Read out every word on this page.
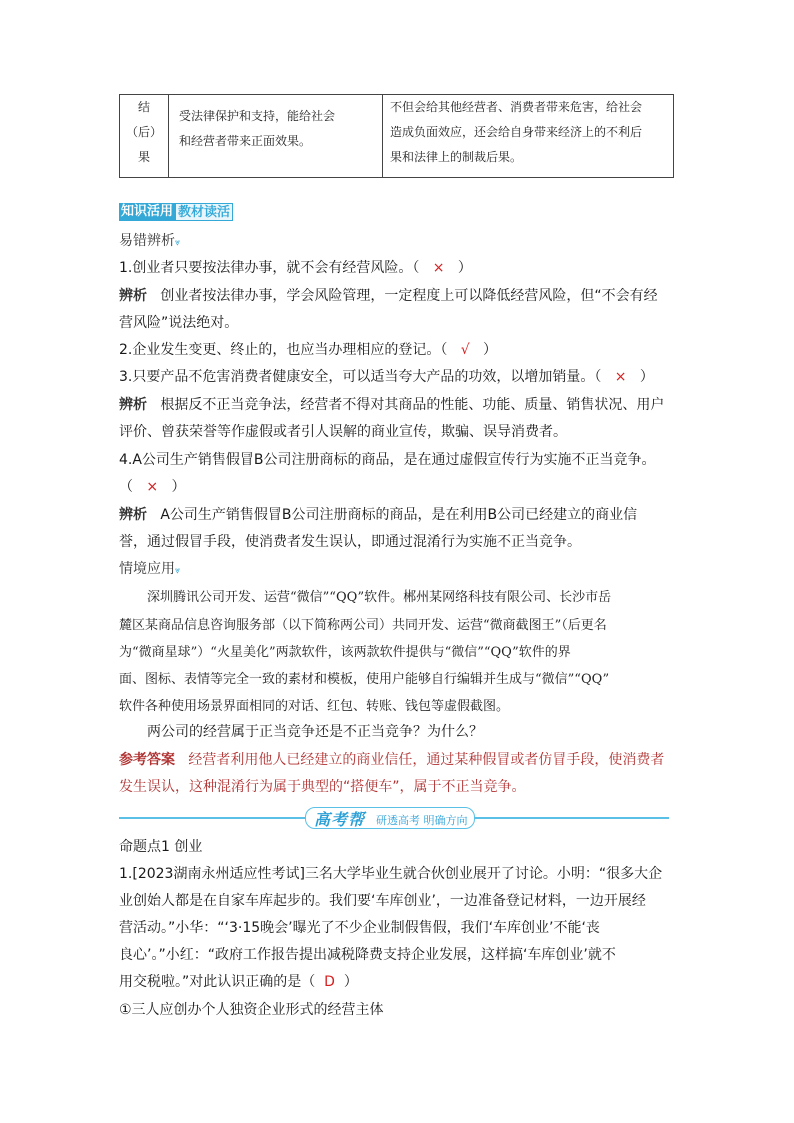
结
（后）
果

受法律保护和支持，能给社会
和经营者带来正面效果。

不但会给其他经营者、消费者带来危害，给社会
造成负面效应，还会给自身带来经济上的不利后
果和法律上的制裁后果。
知识活用 教材读活
易错辨析⩔
1.创业者只要按法律办事，就不会有经营风险。（ × ）
辨析 创业者按法律办事，学会风险管理，一定程度上可以降低经营风险，但“不会有经
营风险”说法绝对。
2.企业发生变更、终止的，也应当办理相应的登记。（ √ ）
3.只要产品不危害消费者健康安全，可以适当夸大产品的功效，以增加销量。（ × ）
辨析 根据反不正当竞争法，经营者不得对其商品的性能、功能、质量、销售状况、用户
评价、曾获荣誉等作虚假或者引人误解的商业宣传，欺骗、误导消费者。
4.A公司生产销售假冒B公司注册商标的商品，是在通过虚假宣传行为实施不正当竞争。
（ × ）
辨析 A公司生产销售假冒B公司注册商标的商品，是在利用B公司已经建立的商业信
誉，通过假冒手段，使消费者发生误认，即通过混淆行为实施不正当竞争。
情境应用⩔
深圳腾讯公司开发、运营“微信”“QQ”软件。郴州某网络科技有限公司、长沙市岳
麓区某商品信息咨询服务部（以下简称两公司）共同开发、运营“微商截图王”（后更名
为“微商星球”）“火星美化”两款软件，该两款软件提供与“微信”“QQ”软件的界
面、图标、表情等完全一致的素材和模板，使用户能够自行编辑并生成与“微信”“QQ”
软件各种使用场景界面相同的对话、红包、转账、钱包等虚假截图。
两公司的经营属于正当竞争还是不正当竞争？为什么？
参考答案 经营者利用他人已经建立的商业信任，通过某种假冒或者仿冒手段，使消费者
发生误认，这种混淆行为属于典型的“搭便车”，属于不正当竞争。
高考帮 研透高考 明确方向
命题点1 创业
1.[2023湖南永州适应性考试]三名大学毕业生就合伙创业展开了讨论。小明：“很多大企
业创始人都是在自家车库起步的。我们要‘车库创业’，一边准备登记材料，一边开展经
营活动。”小华：“‘3·15晚会’曝光了不少企业制假售假，我们‘车库创业’不能‘丧
良心’。”小红：“政府工作报告提出减税降费支持企业发展，这样搞‘车库创业’就不
用交税啦。”对此认识正确的是（ D ）
①三人应创办个人独资企业形式的经营主体
